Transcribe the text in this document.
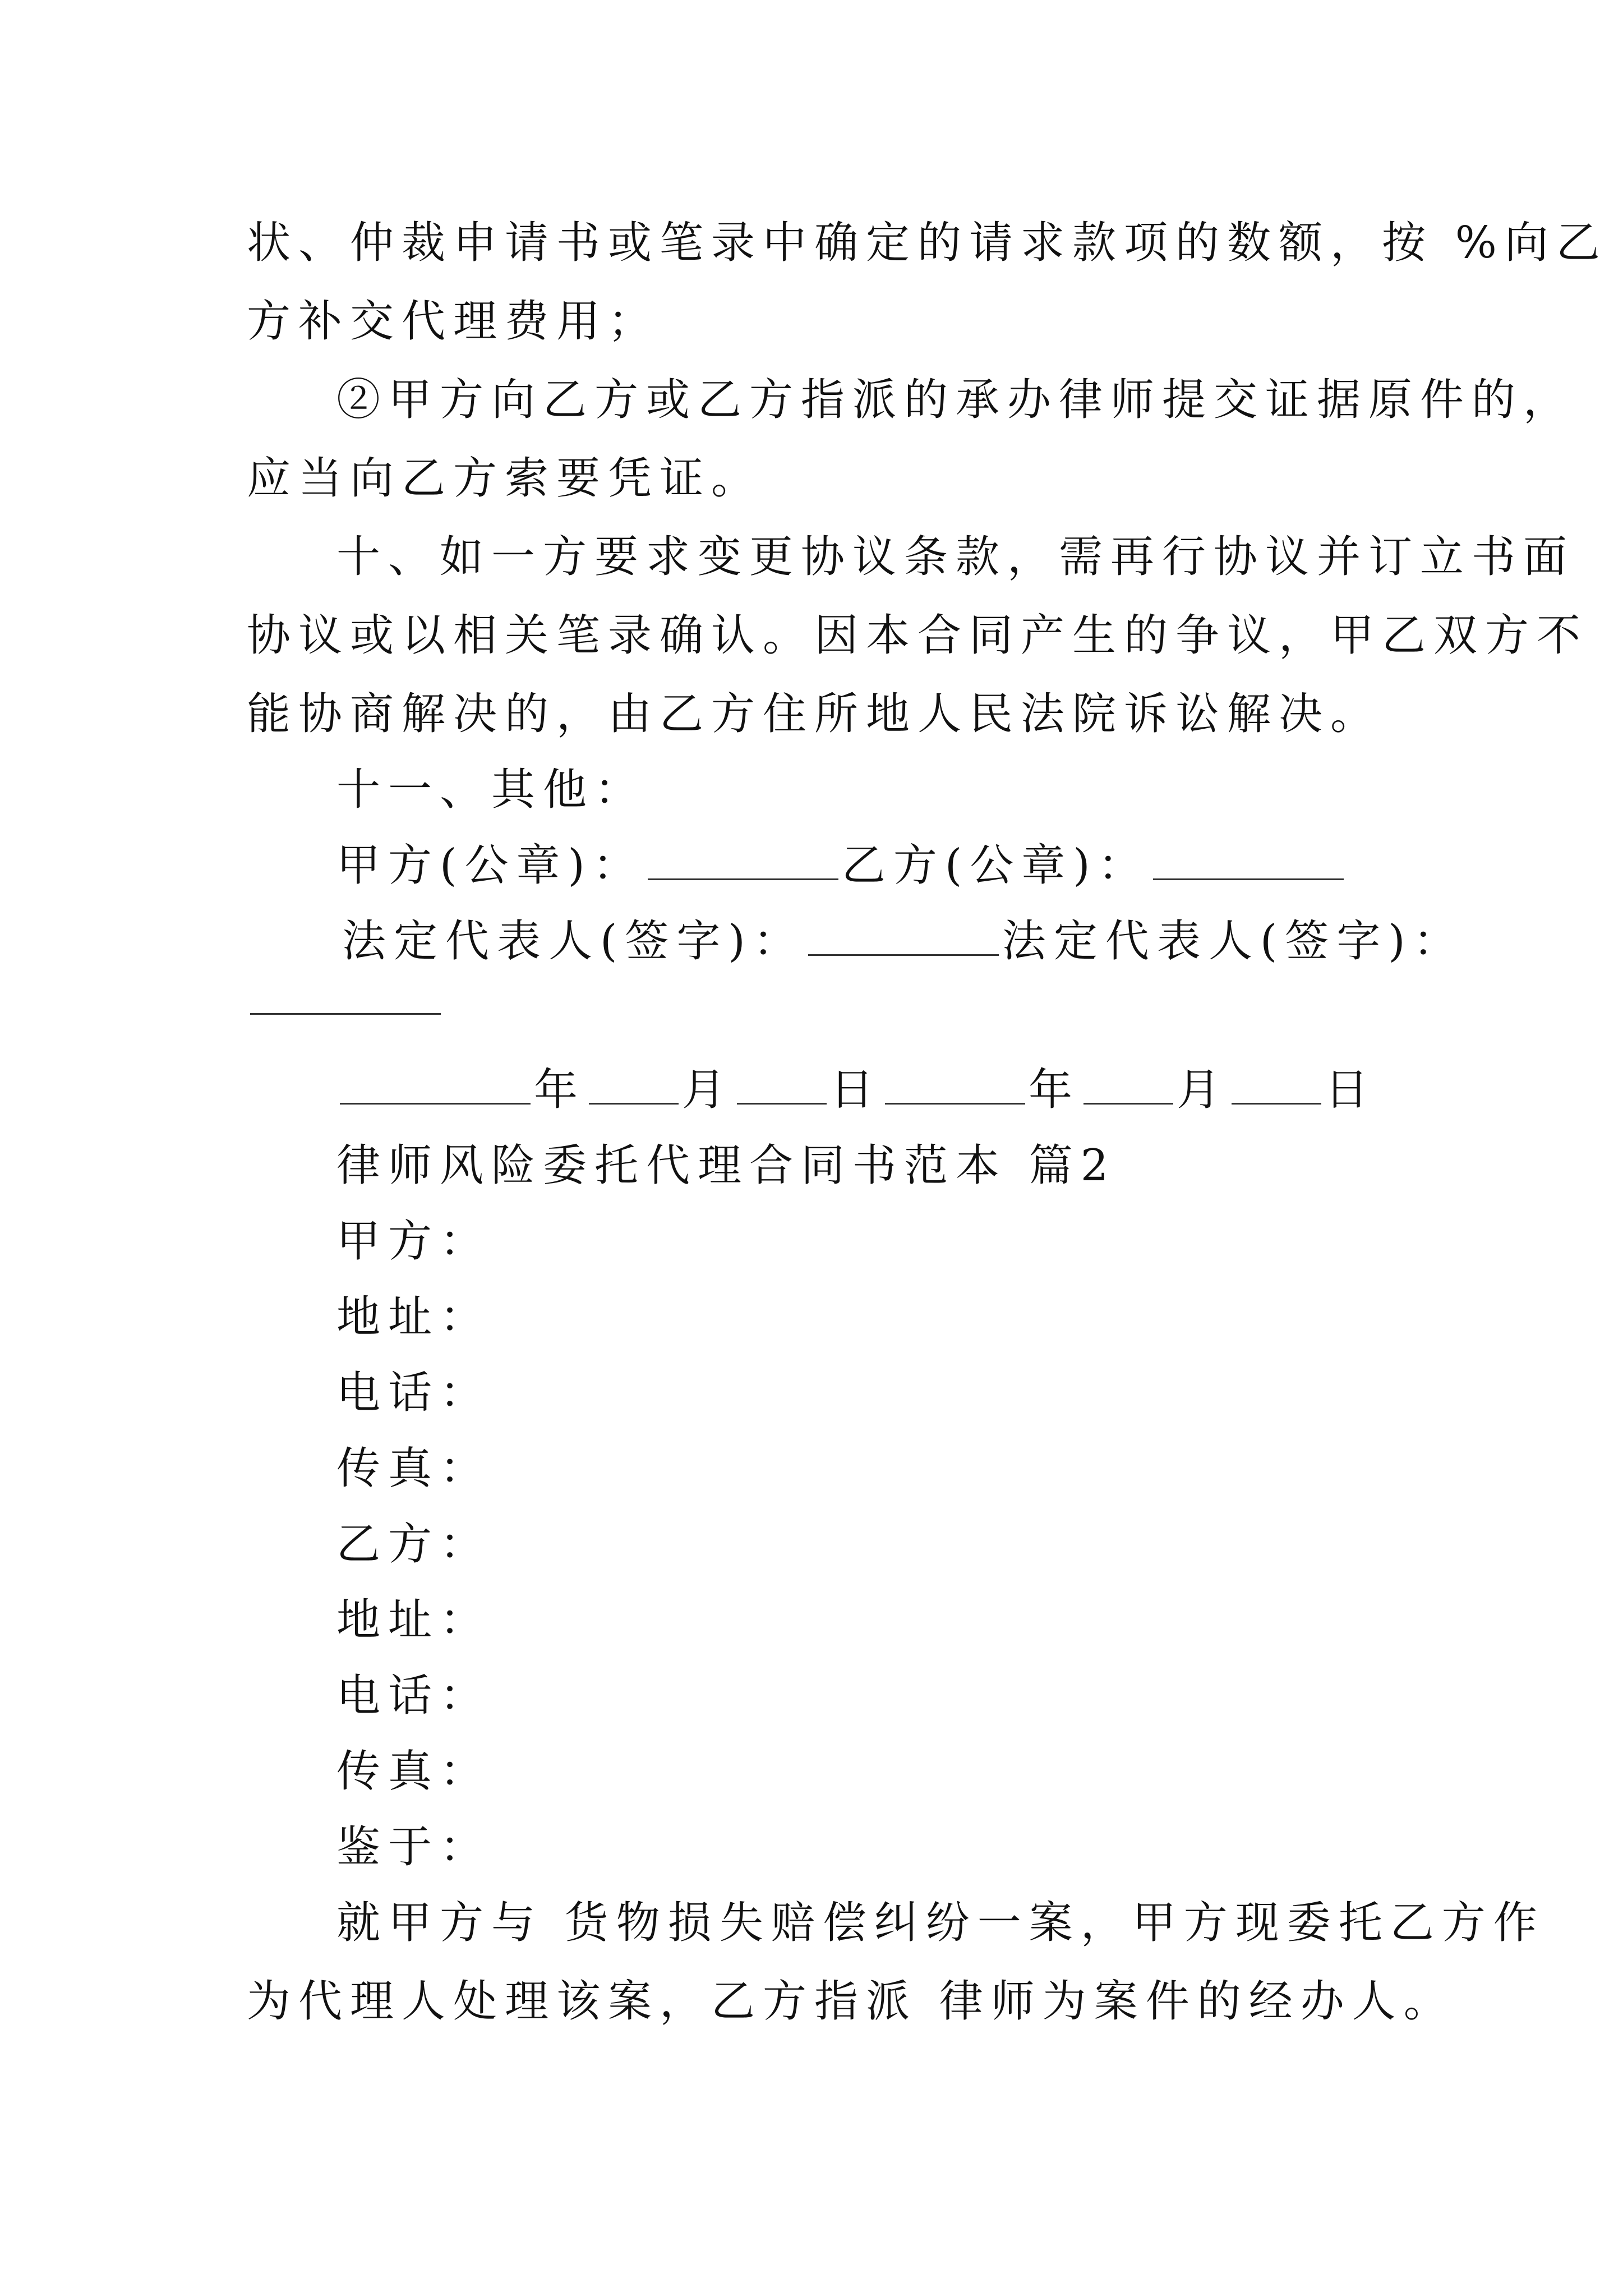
状、仲裁申请书或笔录中确定的请求款项的数额，按 %向乙
方补交代理费用；
②甲方向乙方或乙方指派的承办律师提交证据原件的，
应当向乙方索要凭证。
十、如一方要求变更协议条款，需再行协议并订立书面
协议或以相关笔录确认。因本合同产生的争议，甲乙双方不
能协商解决的，由乙方住所地人民法院诉讼解决。
十一、其他：
甲方(公章)：	乙方(公章)：
法定代表人(签字)：	法定代表人(签字)：
年 月 日	年 月 日
律师风险委托代理合同书范本 篇2
甲方：
地址：
电话：
传真：
乙方：
地址：
电话：
传真：
鉴于：
就甲方与 货物损失赔偿纠纷一案，甲方现委托乙方作
为代理人处理该案，乙方指派 律师为案件的经办人。
